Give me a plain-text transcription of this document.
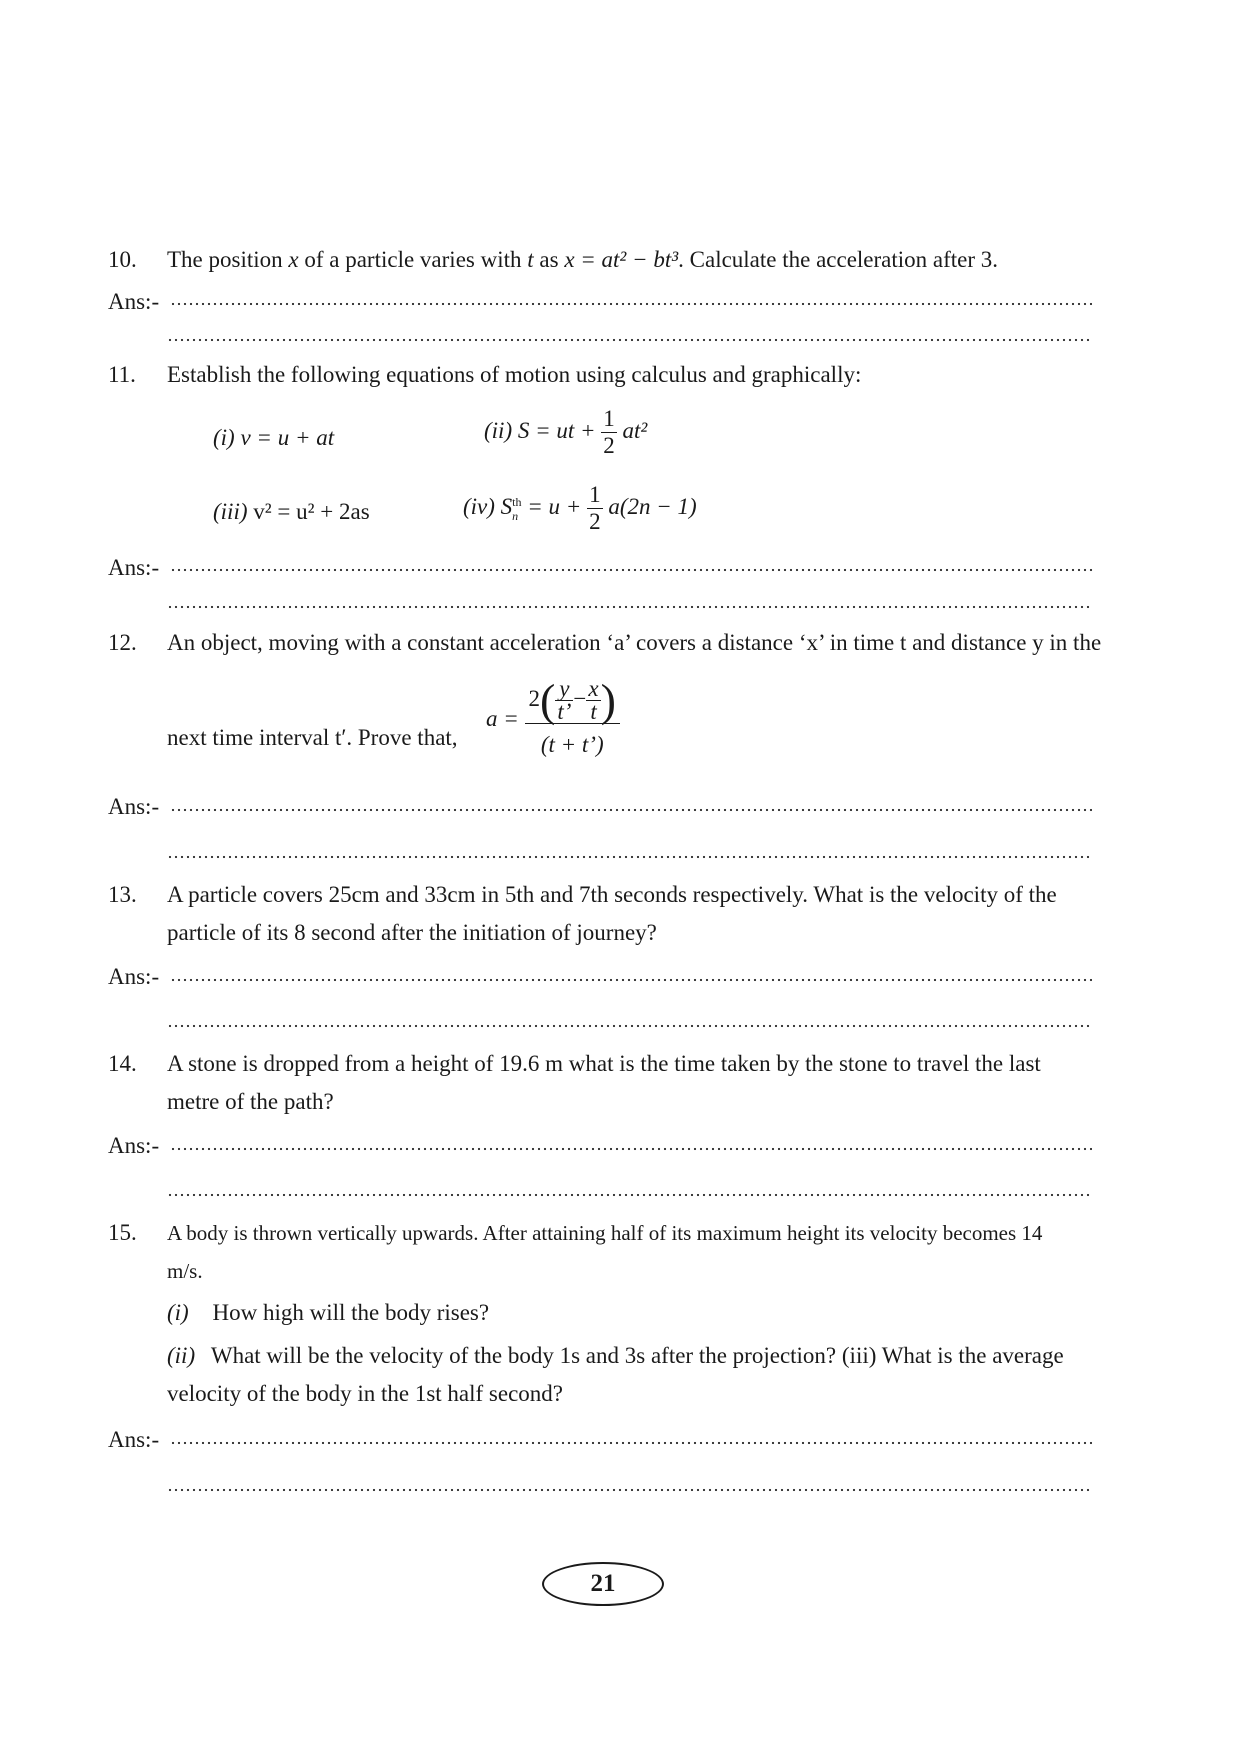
10. The position x of a particle varies with t as x = at² − bt³. Calculate the acceleration after 3.
Ans:-
11. Establish the following equations of motion using calculus and graphically:
(i) v = u + at	(ii) S = ut + $\frac{1}{2} at^2$
(iii) v² = u² + 2as	(iv) S th
$n = u + \frac{1}{2} a(2n - 1)$
Ans:-
12. An object, moving with a constant acceleration ‘a’ covers a distance ‘x’ in time t and distance y in the
next time interval t′. Prove that,
$a = \frac{2( \frac{y}{t’} - \frac{x}{t} )}{(t + t’)}$
Ans:-
13. A particle covers 25cm and 33cm in 5th and 7th seconds respectively. What is the velocity of the
particle of its 8 second after the initiation of journey?
Ans:-
14. A stone is dropped from a height of 19.6 m what is the time taken by the stone to travel the last
metre of the path?
Ans:-
15. A body is thrown vertically upwards. After attaining half of its maximum height its velocity becomes 14
m/s.
(i) How high will the body rises?
(ii) What will be the velocity of the body 1s and 3s after the projection? (iii) What is the average
velocity of the body in the 1st half second?
Ans:-
21
